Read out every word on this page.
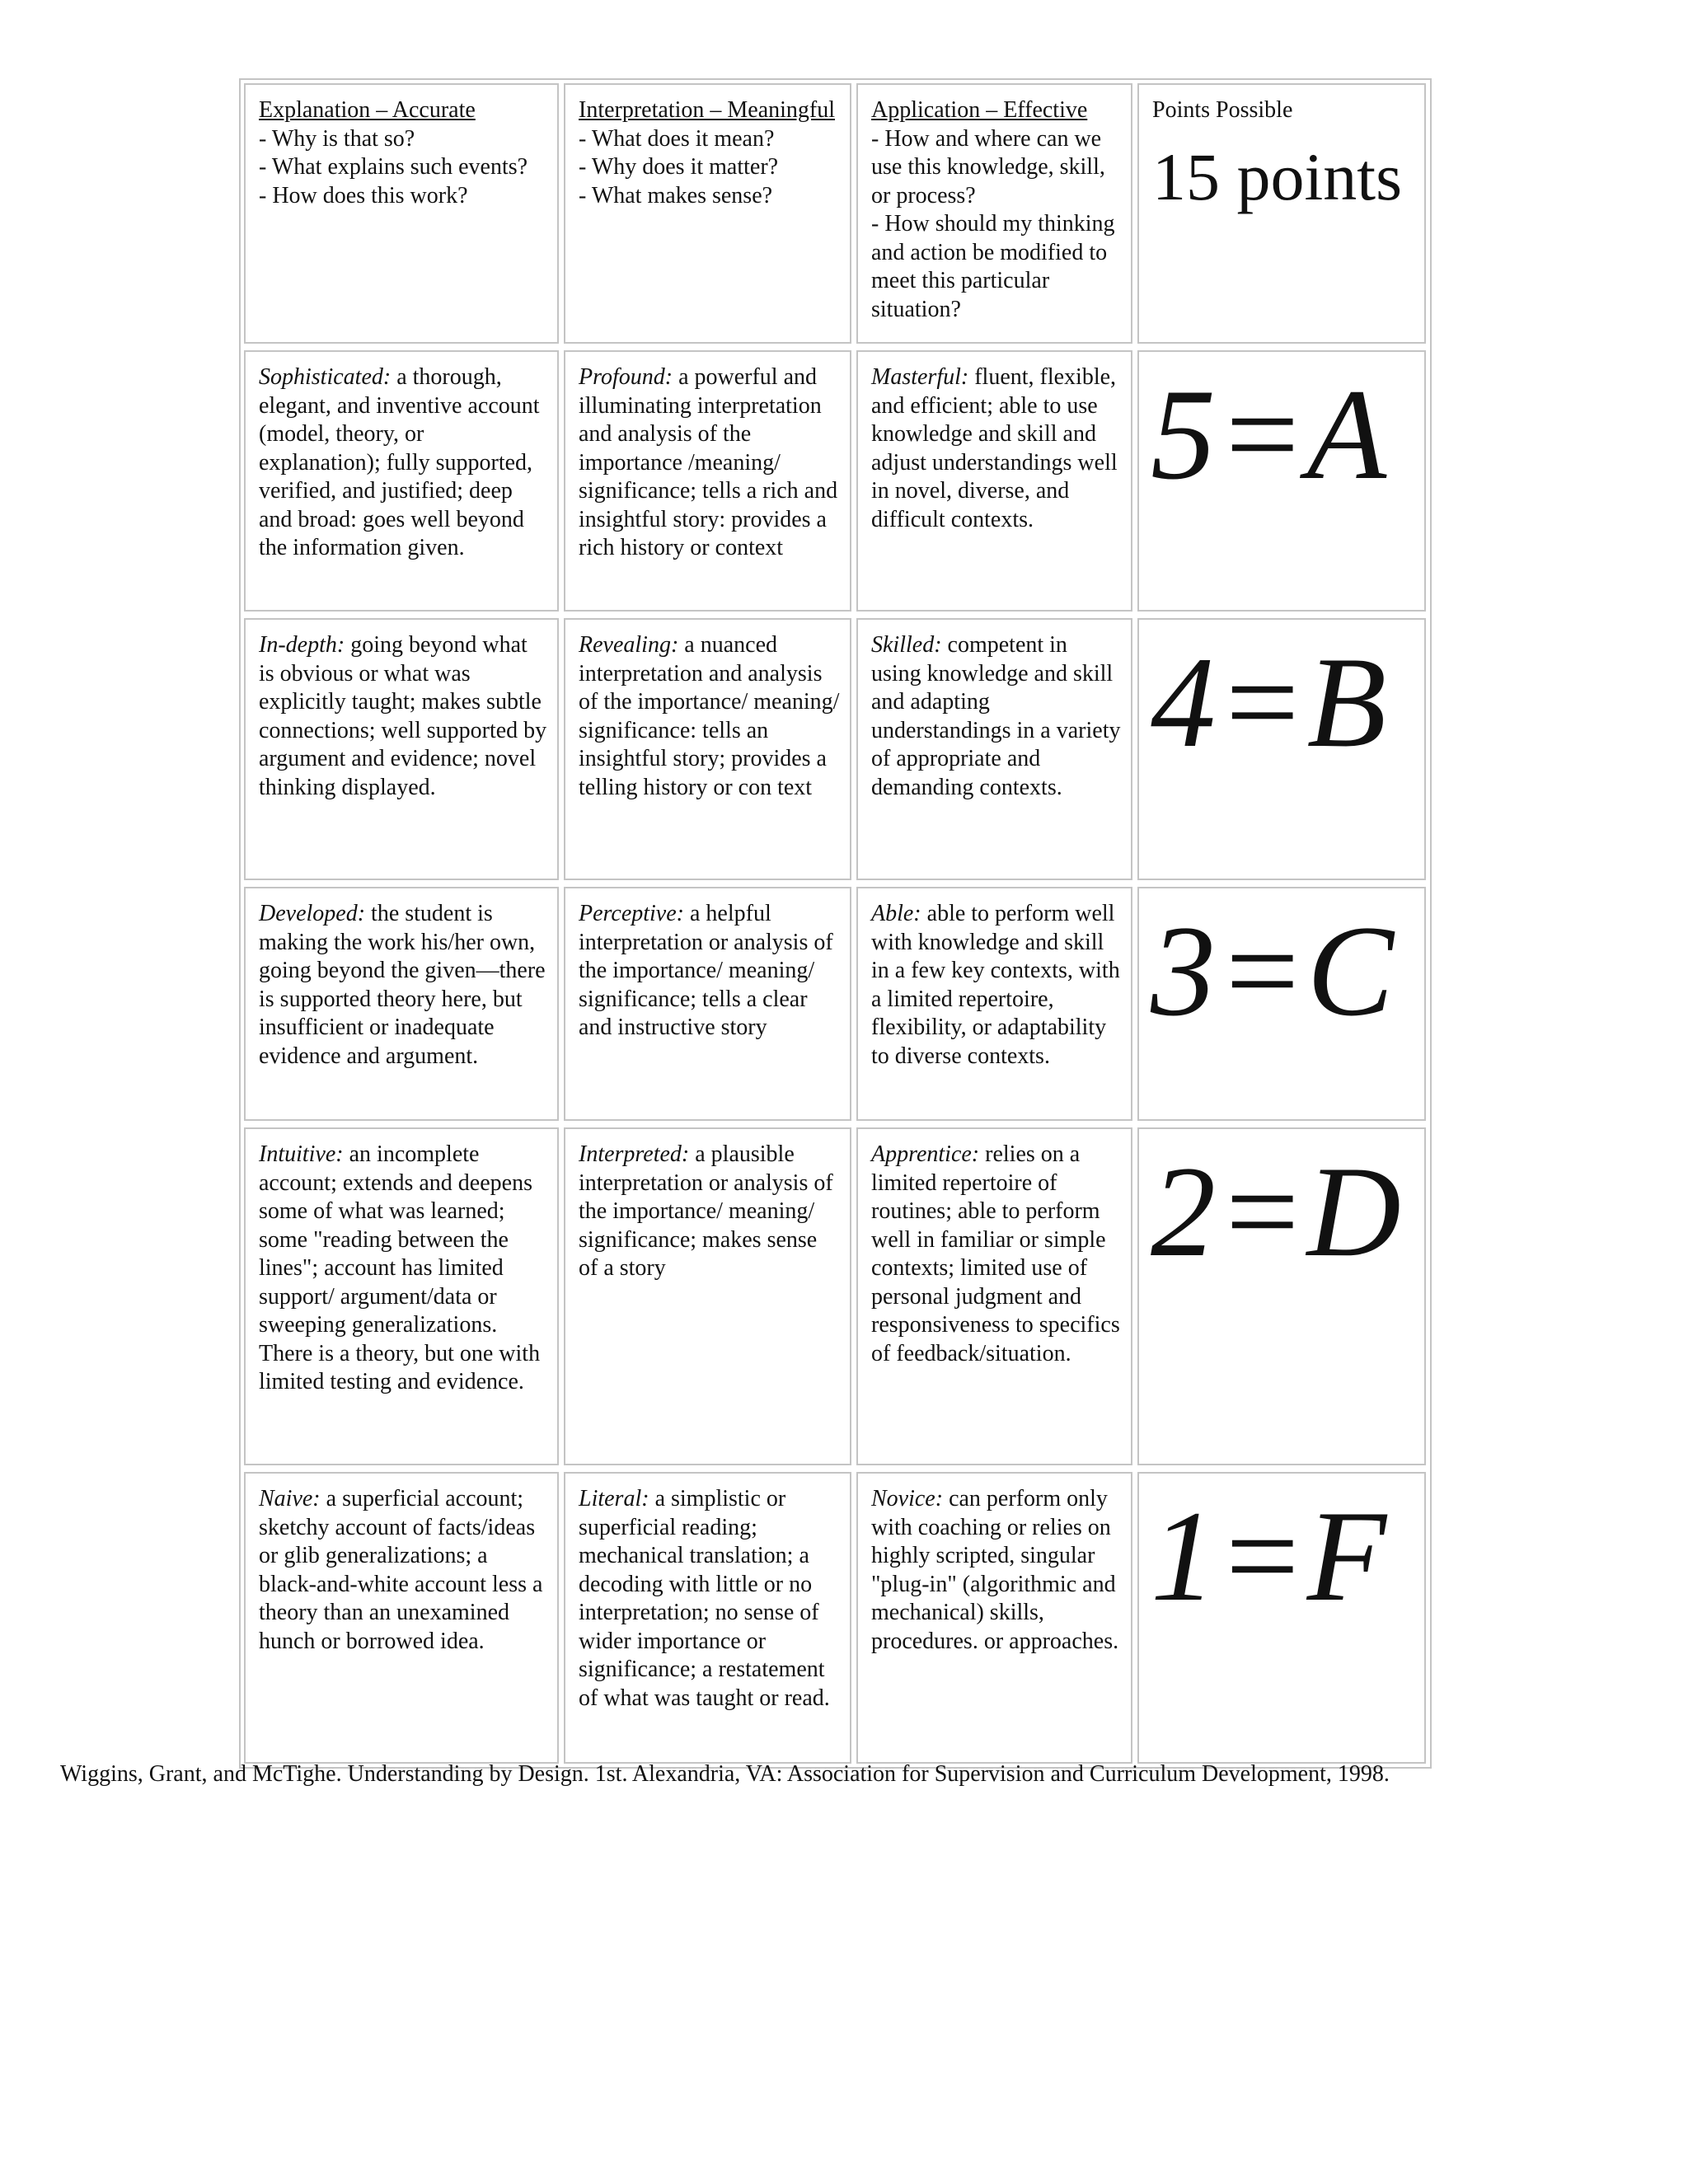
Explanation – Accurate
- Why is that so?
- What explains such events?
- How does this work?
Interpretation – Meaningful
- What does it mean?
- Why does it matter?
- What makes sense?
Application – Effective
- How and where can we use this knowledge, skill, or process?
- How should my thinking and action be modified to meet this particular situation?
Points Possible
15 points
Sophisticated: a thorough, elegant, and inventive account (model, theory, or explanation); fully supported, verified, and justified; deep and broad: goes well beyond the information given.
Profound: a powerful and illuminating interpretation and analysis of the importance /meaning/ significance; tells a rich and insightful story: provides a rich history or context
Masterful: fluent, flexible, and efficient; able to use knowledge and skill and adjust understandings well in novel, diverse, and difficult contexts.
5=A
In-depth: going beyond what is obvious or what was explicitly taught; makes subtle connections; well supported by argument and evidence; novel thinking displayed.
Revealing: a nuanced interpretation and analysis of the importance/ meaning/ significance: tells an insightful story; provides a telling history or con text
Skilled: competent in using knowledge and skill and adapting understandings in a variety of appropriate and demanding contexts.
4=B
Developed: the student is making the work his/her own, going beyond the given—there is supported theory here, but insufficient or inadequate evidence and argument.
Perceptive: a helpful interpretation or analysis of the importance/ meaning/ significance; tells a clear and instructive story
Able: able to perform well with knowledge and skill in a few key contexts, with a limited repertoire, flexibility, or adaptability to diverse contexts.
3=C
Intuitive: an incomplete account; extends and deepens some of what was learned; some "reading between the lines"; account has limited support/ argument/data or sweeping generalizations. There is a theory, but one with limited testing and evidence.
Interpreted: a plausible interpretation or analysis of the importance/ meaning/ significance; makes sense of a story
Apprentice: relies on a limited repertoire of routines; able to perform well in familiar or simple contexts; limited use of personal judgment and responsiveness to specifics of feedback/situation.
2=D
Naive: a superficial account; sketchy account of facts/ideas or glib generalizations; a black-and-white account less a theory than an unexamined hunch or borrowed idea.
Literal: a simplistic or superficial reading; mechanical translation; a decoding with little or no interpretation; no sense of wider importance or significance; a restatement of what was taught or read.
Novice: can perform only with coaching or relies on highly scripted, singular "plug-in" (algorithmic and mechanical) skills, procedures. or approaches.
1=F
Wiggins, Grant, and McTighe. Understanding by Design. 1st. Alexandria, VA: Association for Supervision and Curriculum Development, 1998.
